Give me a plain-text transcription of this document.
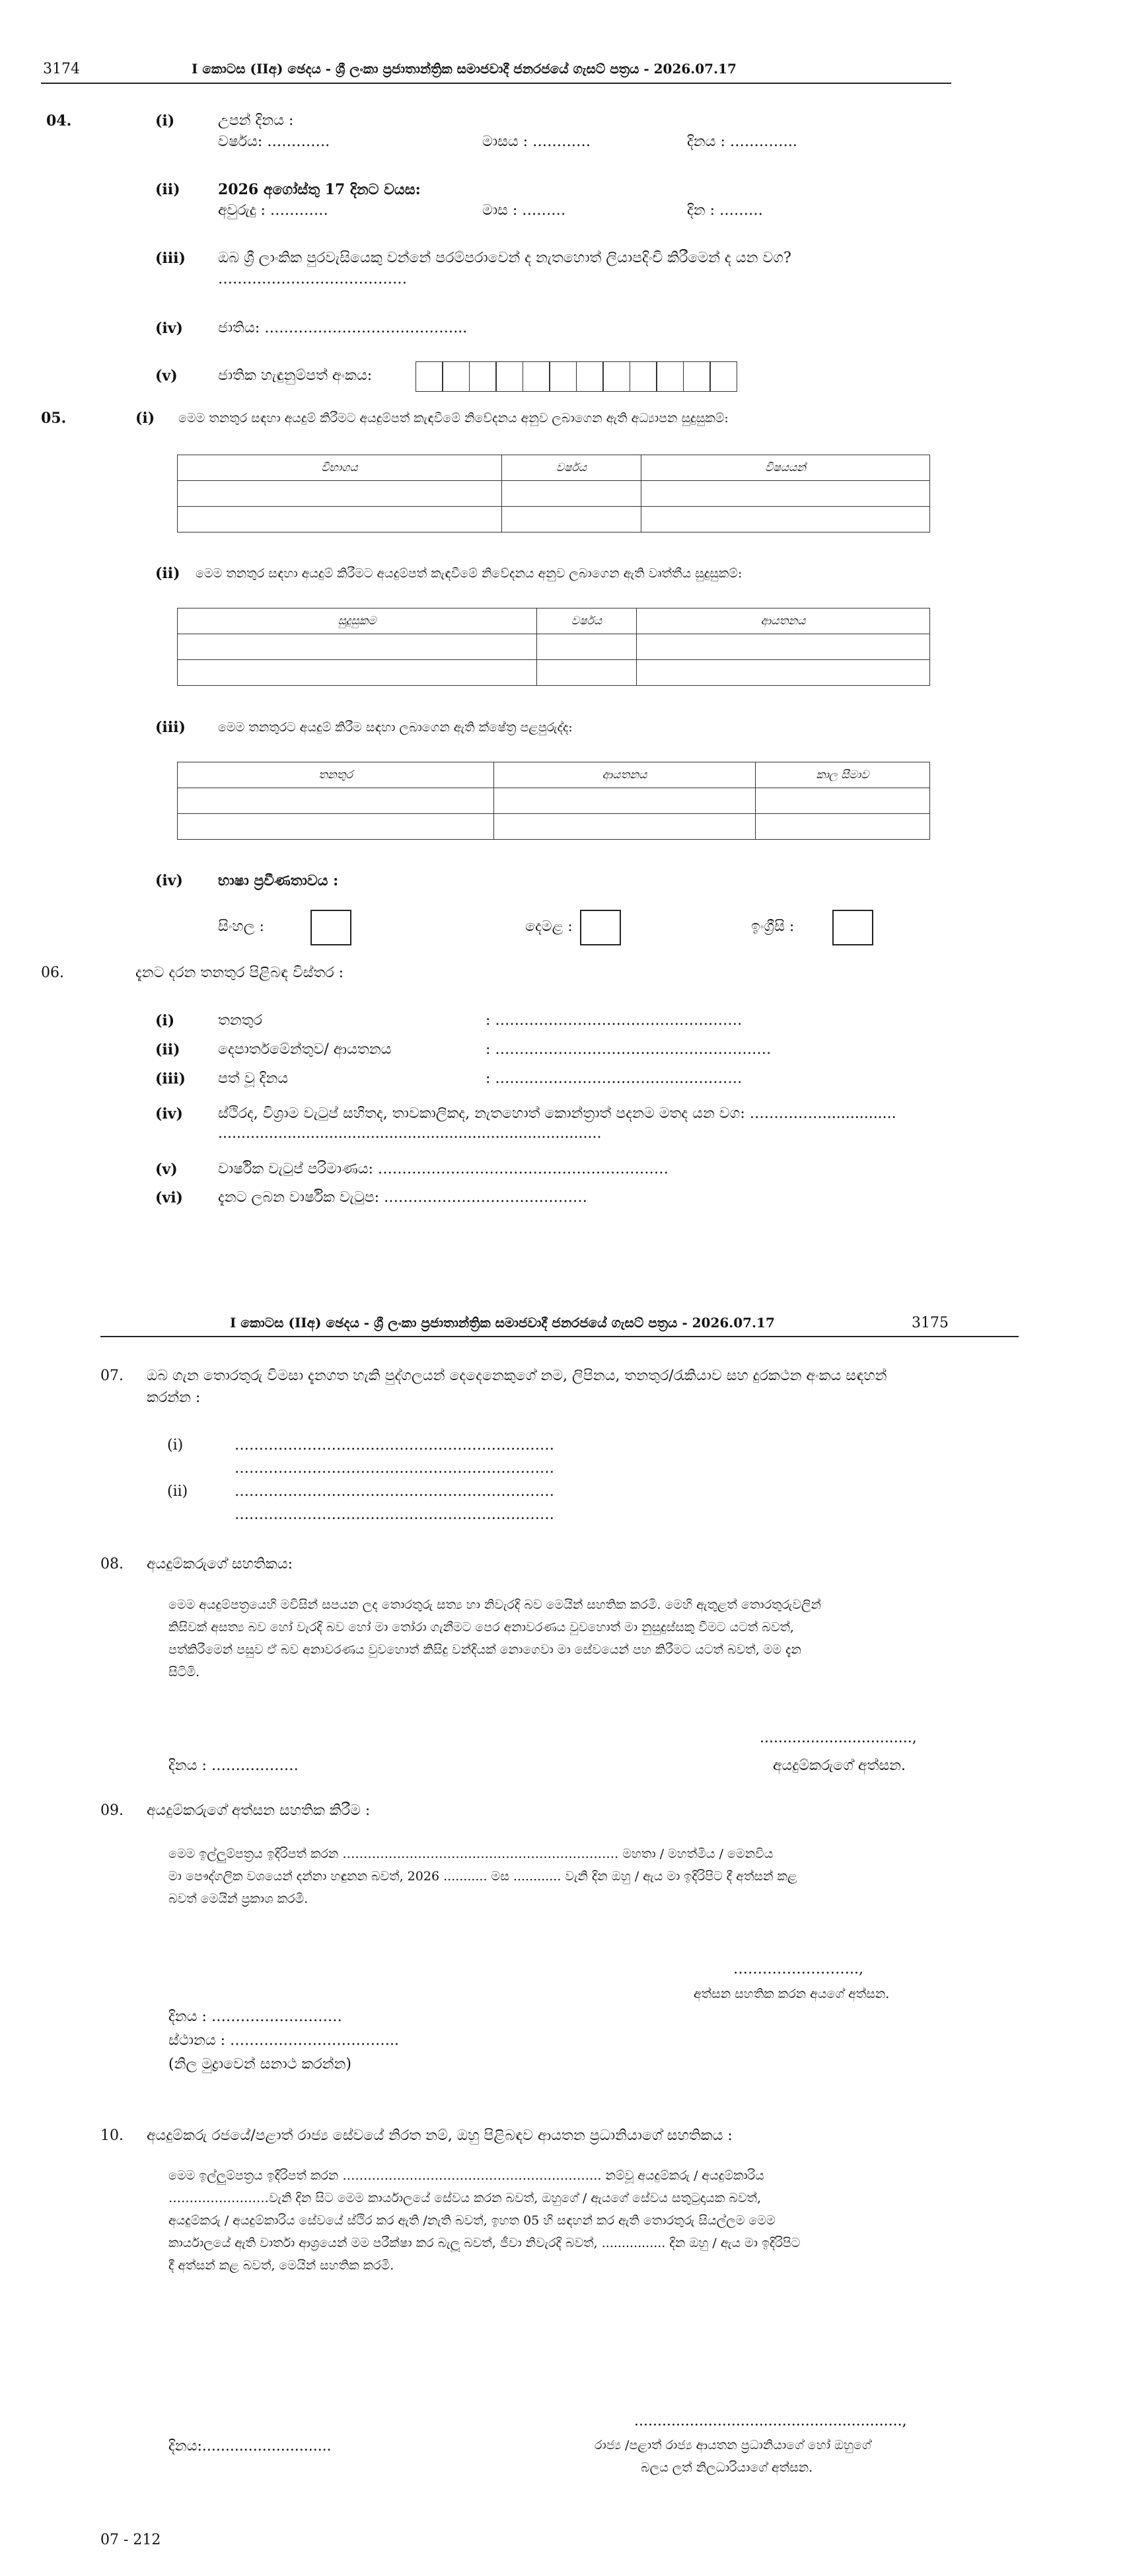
3174	I කොටස (IIඅ) ඡෙදය - ශ්‍රී ලංකා ප්‍රජාතාන්ත්‍රික සමාජවාදී ජනරජයේ ගැසට් පත්‍රය - 2026.07.17
04.	(i)	උපන් දිනය :
වර්ෂය: ………….	මාසය : …………	දිනය : …………..
(ii)	2026 අගෝස්තු 17 දිනට වයස:
අවුරුදු : …………	මාස : ………	දින : ………
(iii) ඔබ ශ්‍රී ලාංකික පුරවැසියෙකු වන්නේ පරම්පරාවෙන් ද නැතහොත් ලියාපදිංචි කිරීමෙන් ද යන වග?
…………………………………
(iv) ජාතිය: …………………………………...
(v)	ජාතික හැඳුනුම්පත් අංකය:
05.	(i) මෙම තනතුර සඳහා අයදුම් කිරීමට අයදුම්පත් කැඳවීමේ නිවේදනය අනුව ලබාගෙන ඇති අධ්‍යාපන සුදුසුකම්:
විභාගය	වර්ෂය	විෂයයන්

(ii) මෙම තනතුර සඳහා අයදුම් කිරීමට අයදුම්පත් කැඳවීමේ නිවේදනය අනුව ලබාගෙන ඇති වෘත්තීය සුදුසුකම්:
සුදුසුකම	වර්ෂය	ආයතනය

(iii)	මෙම තනතුරට අයදුම් කිරීම සඳහා ලබාගෙන ඇති ක්ෂේත්‍ර පළපුරුද්ද:
තනතුර	ආයතනය	කාල සීමාව

(iv) භාෂා ප්‍රවීණතාවය :
සිංහල :	දෙමළ :	ඉංග්‍රීසි :
06.	දැනට දරන තනතුර පිළිබඳ විස්තර :
(i)	තනතුර	: ……………………………………………
(ii)	දෙපාර්තමේන්තුව/ ආයතනය	: …………………………………………………
(iii) පත් වූ දිනය	: ……………………………………………
(iv) ස්ථිරද, විශ්‍රාම වැටුප් සහිතද, තාවකාලිකද, නැතහොත් කොන්ත්‍රාත් පදනම මතද යන වග: ……………................
...................................................................................
(v)	වාර්ෂික වැටුප් පරිමාණය: ……………………………………………………
(vi) දැනට ලබන වාර්ෂික වැටුප: ……………………………………
I කොටස (IIඅ) ඡෙදය - ශ්‍රී ලංකා ප්‍රජාතාන්ත්‍රික සමාජවාදී ජනරජයේ ගැසට් පත්‍රය - 2026.07.17	3175
07. ඔබ ගැන තොරතුරු විමසා දැනගත හැකි පුද්ගලයන් දෙදෙනෙකුගේ නම, ලිපිනය, තනතුර/රැකියාව සහ දුරකථන අංකය සඳහන්
කරන්න :
(i)	…………………………………………………………
…………………………………………………………
(ii)	…………………………………………………………
…………………………………………………………
08. අයදුම්කරුගේ සහතිකය:
මෙම අයදුම්පත්‍රයෙහි මවිසින් සපයන ලද තොරතුරු සත්‍ය හා නිවැරදි බව මෙයින් සහතික කරමි. මෙහි ඇතුළත් තොරතුරුවලින්
කිසිවක් අසත්‍ය බව හෝ වැරදි බව හෝ මා තෝරා ගැනීමට පෙර අනාවරණය වුවහොත් මා නුසුදුස්සකු වීමට යටත් බවත්,
පත්කිරීමෙන් පසුව ඒ බව අනාවරණය වුවහොත් කිසිදු වන්දියක් නොගෙවා මා සේවයෙන් පහ කිරීමට යටත් බවත්, මම දැන
සිටිමි.
.................................,
දිනය : ………………	අයදුම්කරුගේ අත්සන.
09. අයදුම්කරුගේ අත්සන සහතික කිරීම :
මෙම ඉල්ලුම්පත්‍රය ඉදිරිපත් කරන ………………………………………………………… මහතා / මහත්මිය / මෙනවිය
මා පෞද්ගලික වශයෙන් දන්නා හඳුනන බවත්, 2026 ........... මස ............ වැනි දින ඔහු / ඇය මා ඉදිරිපිට දී අත්සන් කළ
බවත් මෙයින් ප්‍රකාශ කරමි.
……………………..,
අත්සන සහතික කරන අයගේ අත්සන.
දිනය : ………………………
ස්ථානය : ……………………………..
(නිල මුද්‍රාවෙන් සනාථ කරන්න)
10. අයදුම්කරු රජයේ/පළාත් රාජ්‍ය සේවයේ නිරත නම්, ඔහු පිළිබඳව ආයතන ප්‍රධානියාගේ සහතිකය :
මෙම ඉල්ලුම්පත්‍රය ඉදිරිපත් කරන …………………………………………………….. නම්වූ අයදුම්කරු / අයදුම්කාරිය
……………………වැනි දින සිට මෙම කාර්යාලයේ සේවය කරන බවත්, ඔහුගේ / ඇයගේ සේවය සතුටුදායක බවත්,
අයදුම්කරු / අයදුම්කාරිය සේවයේ ස්ථිර කර ඇති /නැති බවත්, ඉහත 05 හි සඳහන් කර ඇති තොරතුරු සියල්ලම මෙම
කාර්යාලයේ ඇති වාර්තා ආශ්‍රයෙන් මම පරීක්ෂා කර බැලූ බවත්, ජීවා නිවැරදි බවත්, ................ දින ඔහු / ඇය මා ඉදිරිපිට
දී අත්සන් කළ බවත්, මෙයින් සහතික කරමි.
..........................................................,
දිනය:............................	රාජ්‍ය /පළාත් රාජ්‍ය ආයතන ප්‍රධානියාගේ හෝ ඔහුගේ
බලය ලත් නිලධාරියාගේ අත්සන.
07 - 212
